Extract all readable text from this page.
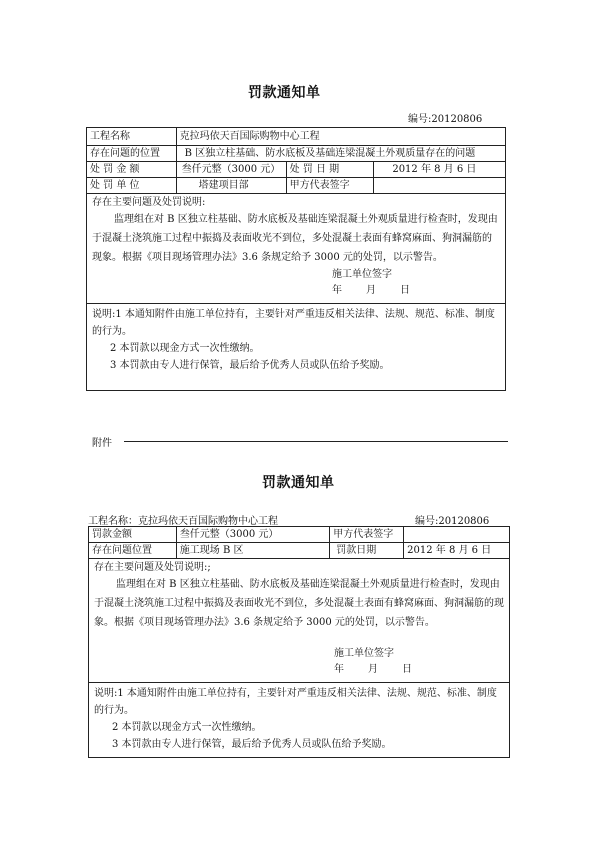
罚款通知单
编号:20120806
工程名称	克拉玛依天百国际购物中心工程		
存在问题的位置	B 区独立柱基础、防水底板及基础连梁混凝土外观质量存在的问题		
处 罚 金 额	叁仟元整（3000 元）	处 罚 日 期	2012 年 8 月 6 日
处 罚 单 位	塔建项目部	甲方代表签字	

存在主要问题及处罚说明:
监理组在对 B 区独立柱基础、防水底板及基础连梁混凝土外观质量进行检查时，发现由于混凝土浇筑施工过程中振捣及表面收光不到位，多处混凝土表面有蜂窝麻面、狗洞漏筋的现象。根据《项目现场管理办法》3.6 条规定给予 3000 元的处罚，以示警告。
施工单位签字
年 月 日			

说明:1 本通知附件由施工单位持有，主要针对严重违反相关法律、法规、规范、标准、制度的行为。
2 本罚款以现金方式一次性缴纳。
3 本罚款由专人进行保管，最后给予优秀人员或队伍给予奖励。			
附件
罚款通知单
工程名称：克拉玛依天百国际购物中心工程	编号:20120806
罚款金额	叁仟元整（3000 元）	甲方代表签字	
存在问题位置	施工现场 B 区	罚款日期	2012 年 8 月 6 日

存在主要问题及处罚说明:;
监理组在对 B 区独立柱基础、防水底板及基础连梁混凝土外观质量进行检查时，发现由于混凝土浇筑施工过程中振捣及表面收光不到位，多处混凝土表面有蜂窝麻面、狗洞漏筋的现象。根据《项目现场管理办法》3.6 条规定给予 3000 元的处罚，以示警告。
施工单位签字
年 月 日			

说明:1 本通知附件由施工单位持有，主要针对严重违反相关法律、法规、规范、标准、制度的行为。
2 本罚款以现金方式一次性缴纳。
3 本罚款由专人进行保管，最后给予优秀人员或队伍给予奖励。			
